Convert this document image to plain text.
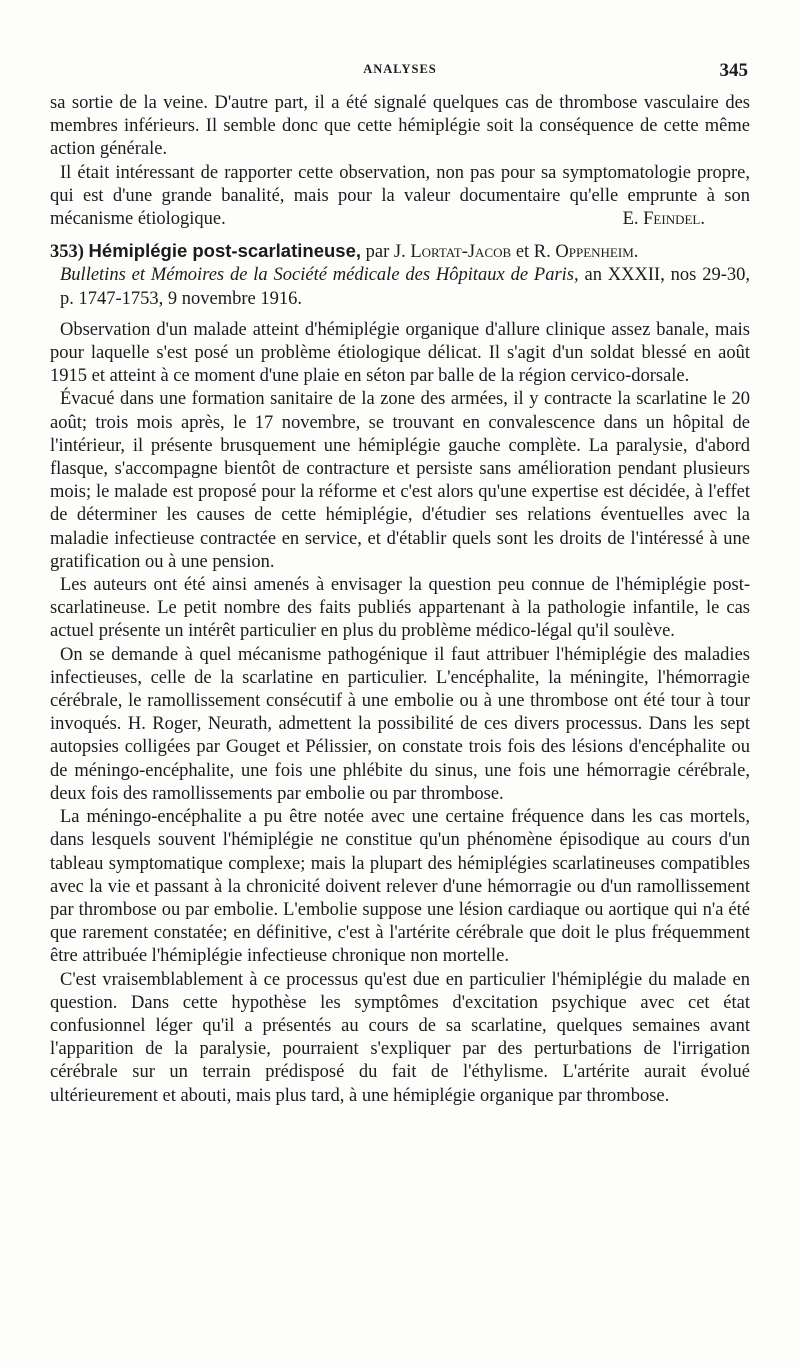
ANALYSES	345

sa sortie de la veine. D'autre part, il a été signalé quelques cas de thrombose vasculaire des membres inférieurs. Il semble donc que cette hémiplégie soit la conséquence de cette même action générale.

Il était intéressant de rapporter cette observation, non pas pour sa symptomatologie propre, qui est d'une grande banalité, mais pour la valeur documentaire qu'elle emprunte à son mécanisme étiologique.	E. Feindel.

353) Hémiplégie post-scarlatineuse, par J. Lortat-Jacob et R. Oppenheim.

Bulletins et Mémoires de la Société médicale des Hôpitaux de Paris, an XXXII, nos 29-30, p. 1747-1753, 9 novembre 1916.

Observation d'un malade atteint d'hémiplégie organique d'allure clinique assez banale, mais pour laquelle s'est posé un problème étiologique délicat. Il s'agit d'un soldat blessé en août 1915 et atteint à ce moment d'une plaie en séton par balle de la région cervico-dorsale.

Évacué dans une formation sanitaire de la zone des armées, il y contracte la scarlatine le 20 août; trois mois après, le 17 novembre, se trouvant en convalescence dans un hôpital de l'intérieur, il présente brusquement une hémiplégie gauche complète. La paralysie, d'abord flasque, s'accompagne bientôt de contracture et persiste sans amélioration pendant plusieurs mois; le malade est proposé pour la réforme et c'est alors qu'une expertise est décidée, à l'effet de déterminer les causes de cette hémiplégie, d'étudier ses relations éventuelles avec la maladie infectieuse contractée en service, et d'établir quels sont les droits de l'intéressé à une gratification ou à une pension.

Les auteurs ont été ainsi amenés à envisager la question peu connue de l'hémiplégie post-scarlatineuse. Le petit nombre des faits publiés appartenant à la pathologie infantile, le cas actuel présente un intérêt particulier en plus du problème médico-légal qu'il soulève.

On se demande à quel mécanisme pathogénique il faut attribuer l'hémiplégie des maladies infectieuses, celle de la scarlatine en particulier. L'encéphalite, la méningite, l'hémorragie cérébrale, le ramollissement consécutif à une embolie ou à une thrombose ont été tour à tour invoqués. H. Roger, Neurath, admettent la possibilité de ces divers processus. Dans les sept autopsies colligées par Gouget et Pélissier, on constate trois fois des lésions d'encéphalite ou de méningo-encéphalite, une fois une phlébite du sinus, une fois une hémorragie cérébrale, deux fois des ramollissements par embolie ou par thrombose.

La méningo-encéphalite a pu être notée avec une certaine fréquence dans les cas mortels, dans lesquels souvent l'hémiplégie ne constitue qu'un phénomène épisodique au cours d'un tableau symptomatique complexe; mais la plupart des hémiplégies scarlatineuses compatibles avec la vie et passant à la chronicité doivent relever d'une hémorragie ou d'un ramollissement par thrombose ou par embolie. L'embolie suppose une lésion cardiaque ou aortique qui n'a été que rarement constatée; en définitive, c'est à l'artérite cérébrale que doit le plus fréquemment être attribuée l'hémiplégie infectieuse chronique non mortelle.

C'est vraisemblablement à ce processus qu'est due en particulier l'hémiplégie du malade en question. Dans cette hypothèse les symptômes d'excitation psychique avec cet état confusionnel léger qu'il a présentés au cours de sa scarlatine, quelques semaines avant l'apparition de la paralysie, pourraient s'expliquer par des perturbations de l'irrigation cérébrale sur un terrain prédisposé du fait de l'éthylisme. L'artérite aurait évolué ultérieurement et abouti, mais plus tard, à une hémiplégie organique par thrombose.
